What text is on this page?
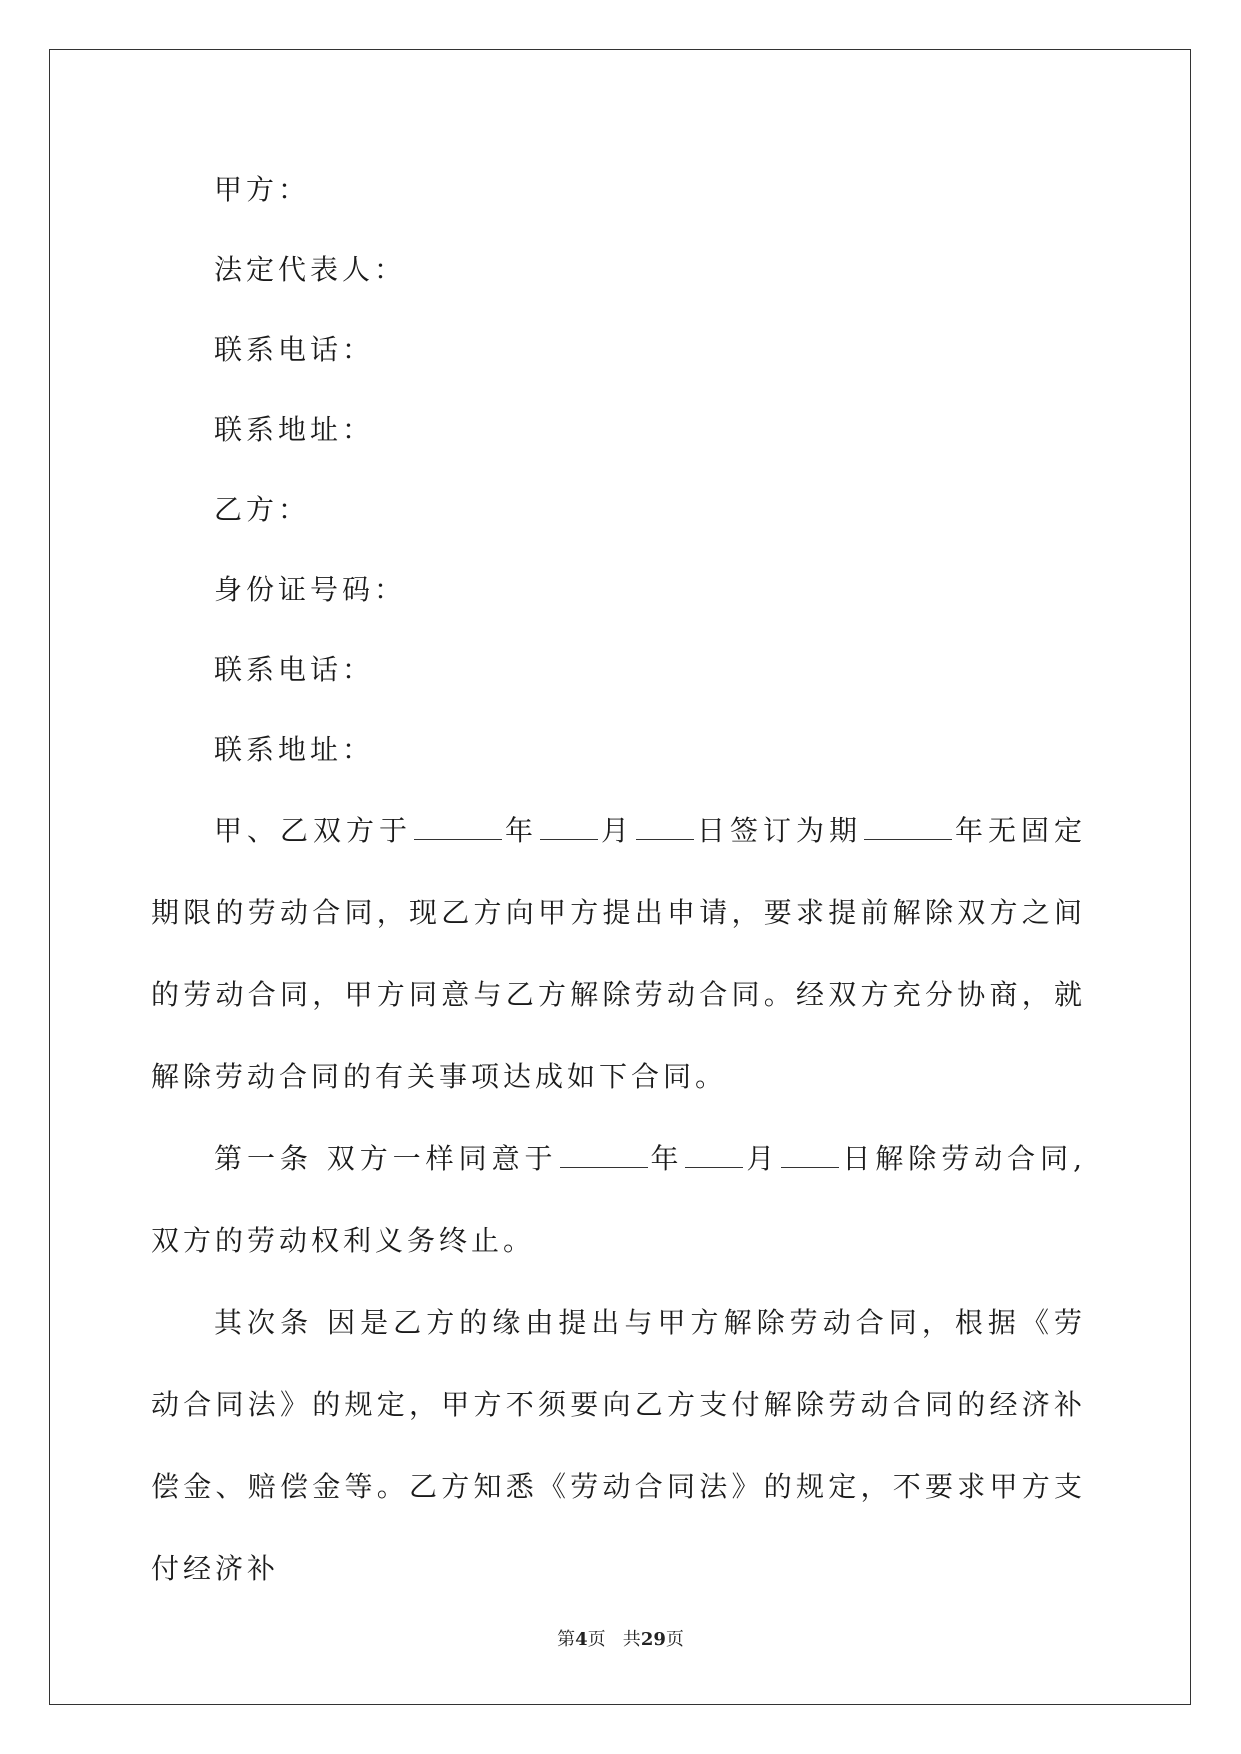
甲方：
法定代表人：
联系电话：
联系地址：
乙方：
身份证号码：
联系电话：
联系地址：

甲、乙双方于	年 月 日签订为期	年无固定期限的劳动合同，现乙方向甲方提出申请，要求提前解除双方之间的劳动合同，甲方同意与乙方解除劳动合同。经双方充分协商，就解除劳动合同的有关事项达成如下合同。

第一条 双方一样同意于	年 月 日解除劳动合同,双方的劳动权利义务终止。

其次条 因是乙方的缘由提出与甲方解除劳动合同，根据《劳动合同法》的规定，甲方不须要向乙方支付解除劳动合同的经济补偿金、赔偿金等。乙方知悉《劳动合同法》的规定，不要求甲方支付经济补

第4页   共29页
